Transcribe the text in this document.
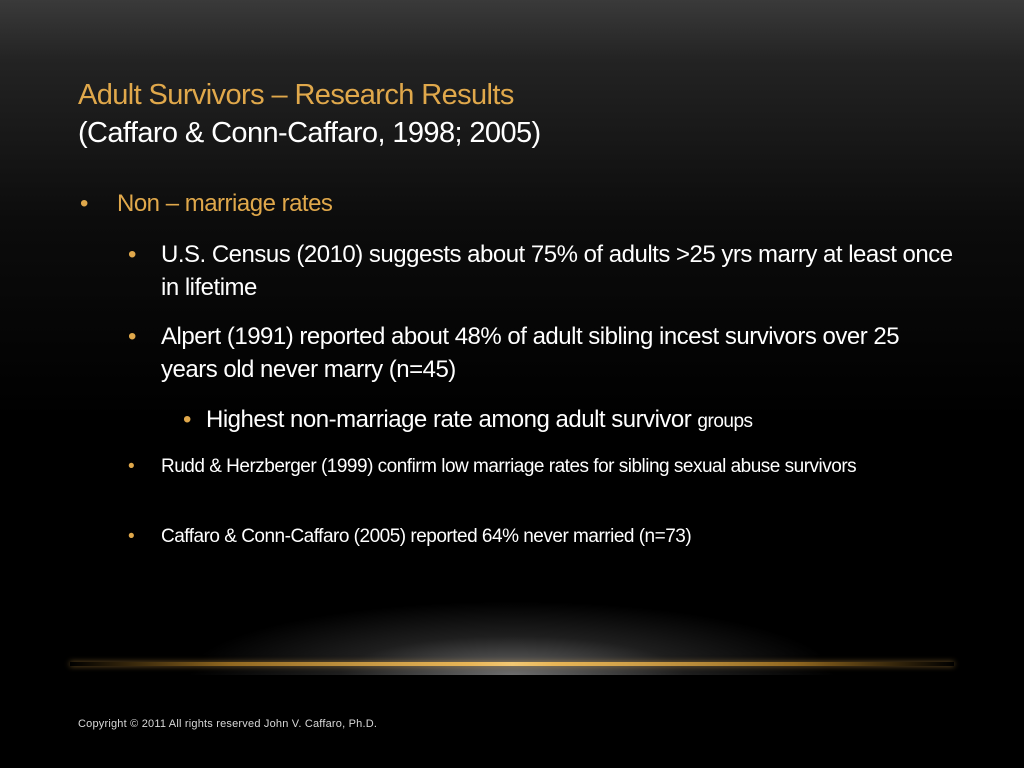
Adult Survivors – Research Results
(Caffaro & Conn-Caffaro, 1998; 2005)
• Non – marriage rates
• U.S. Census (2010) suggests about 75% of adults >25 yrs marry at least once in lifetime
• Alpert (1991) reported about 48% of adult sibling incest survivors over 25 years old never marry (n=45)
• Highest non-marriage rate among adult survivor groups
• Rudd & Herzberger (1999) confirm low marriage rates for sibling sexual abuse survivors
• Caffaro & Conn-Caffaro (2005) reported 64% never married (n=73)
Copyright © 2011 All rights reserved John V. Caffaro, Ph.D.
